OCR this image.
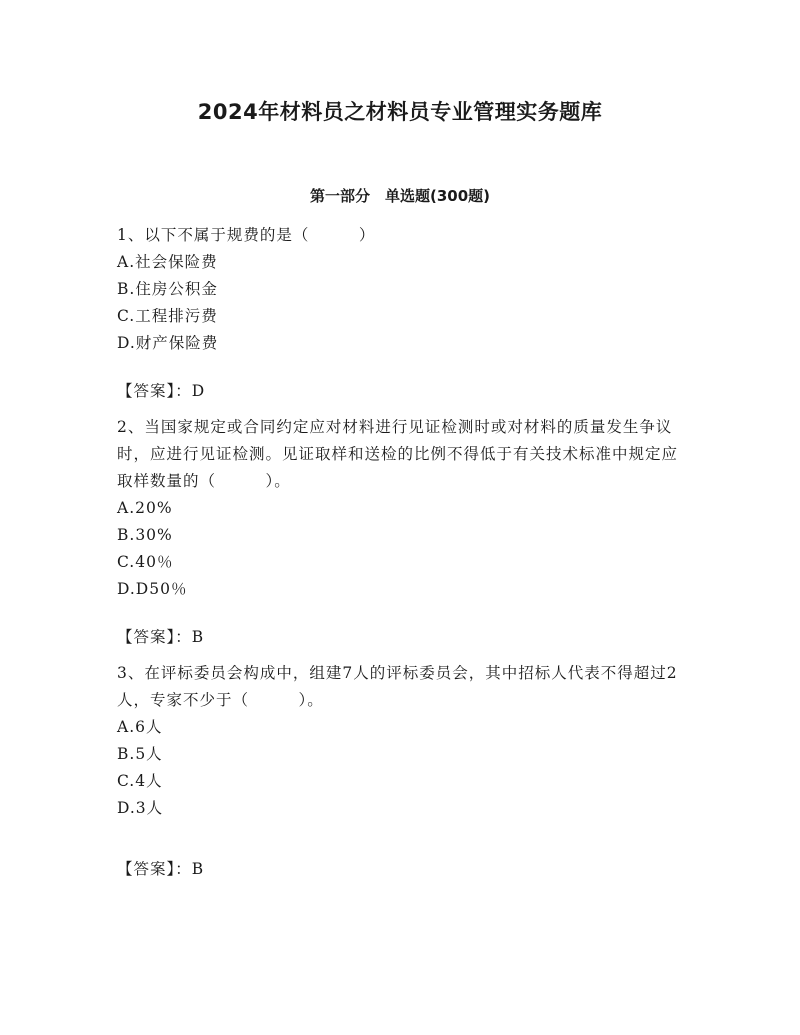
2024年材料员之材料员专业管理实务题库
第一部分　单选题(300题)

1、以下不属于规费的是（　　　）

A.社会保险费

B.住房公积金

C.工程排污费

D.财产保险费

【答案】：D

2、当国家规定或合同约定应对材料进行见证检测时或对材料的质量发生争议时，应进行见证检测。见证取样和送检的比例不得低于有关技术标准中规定应取样数量的（　　　）。

A.20%

B.30%

C.40％

D.D50％

【答案】：B

3、在评标委员会构成中，组建7人的评标委员会，其中招标人代表不得超过2人，专家不少于（　　　）。

A.6人

B.5人

C.4人

D.3人

【答案】：B
